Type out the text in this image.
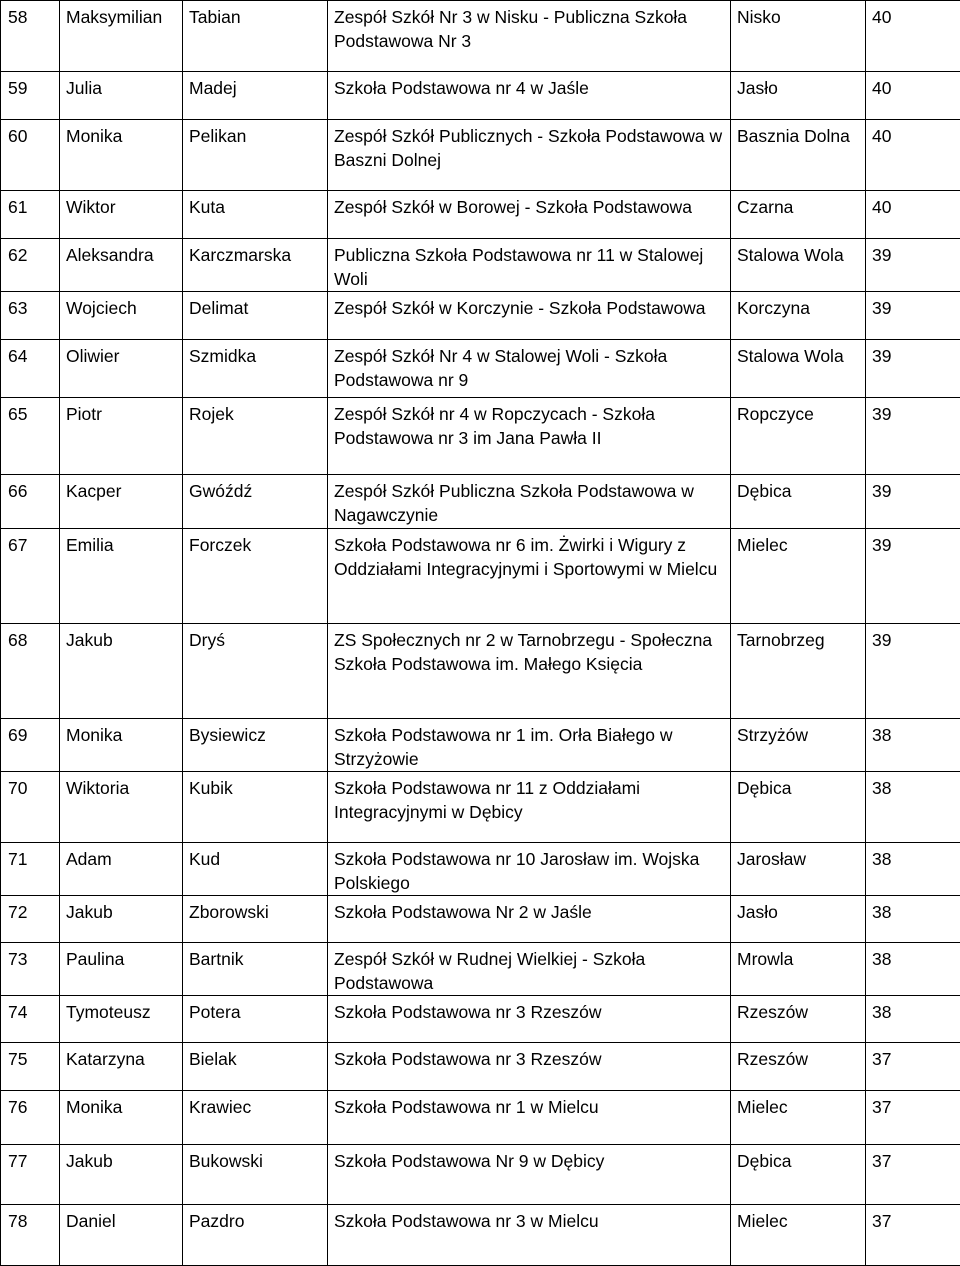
58	Maksymilian	Tabian	Zespół Szkół Nr 3 w Nisku - Publiczna Szkoła Podstawowa Nr 3	Nisko	40
59	Julia	Madej	Szkoła Podstawowa nr 4 w Jaśle	Jasło	40
60	Monika	Pelikan	Zespół Szkół Publicznych - Szkoła Podstawowa w Baszni Dolnej	Basznia Dolna	40
61	Wiktor	Kuta	Zespół Szkół w Borowej - Szkoła Podstawowa	Czarna	40
62	Aleksandra	Karczmarska	Publiczna Szkoła Podstawowa nr 11 w Stalowej Woli	Stalowa Wola	39
63	Wojciech	Delimat	Zespół Szkół w Korczynie - Szkoła Podstawowa	Korczyna	39
64	Oliwier	Szmidka	Zespół Szkół Nr 4 w Stalowej Woli - Szkoła Podstawowa nr 9	Stalowa Wola	39
65	Piotr	Rojek	Zespół Szkół nr 4 w Ropczycach - Szkoła Podstawowa nr 3 im Jana Pawła II	Ropczyce	39
66	Kacper	Gwóźdź	Zespół Szkół Publiczna Szkoła Podstawowa w Nagawczynie	Dębica	39
67	Emilia	Forczek	Szkoła Podstawowa nr 6 im. Żwirki i Wigury z Oddziałami Integracyjnymi i Sportowymi w Mielcu	Mielec	39
68	Jakub	Dryś	ZS Społecznych nr 2 w Tarnobrzegu - Społeczna Szkoła Podstawowa im. Małego Księcia	Tarnobrzeg	39
69	Monika	Bysiewicz	Szkoła Podstawowa nr 1 im. Orła Białego w Strzyżowie	Strzyżów	38
70	Wiktoria	Kubik	Szkoła Podstawowa nr 11 z Oddziałami Integracyjnymi w Dębicy	Dębica	38
71	Adam	Kud	Szkoła Podstawowa nr 10 Jarosław im. Wojska Polskiego	Jarosław	38
72	Jakub	Zborowski	Szkoła Podstawowa Nr 2 w Jaśle	Jasło	38
73	Paulina	Bartnik	Zespół Szkół w Rudnej Wielkiej - Szkoła Podstawowa	Mrowla	38
74	Tymoteusz	Potera	Szkoła Podstawowa nr 3 Rzeszów	Rzeszów	38
75	Katarzyna	Bielak	Szkoła Podstawowa nr 3 Rzeszów	Rzeszów	37
76	Monika	Krawiec	Szkoła Podstawowa nr 1 w Mielcu	Mielec	37
77	Jakub	Bukowski	Szkoła Podstawowa Nr 9 w Dębicy	Dębica	37
78	Daniel	Pazdro	Szkoła Podstawowa nr 3 w Mielcu	Mielec	37
